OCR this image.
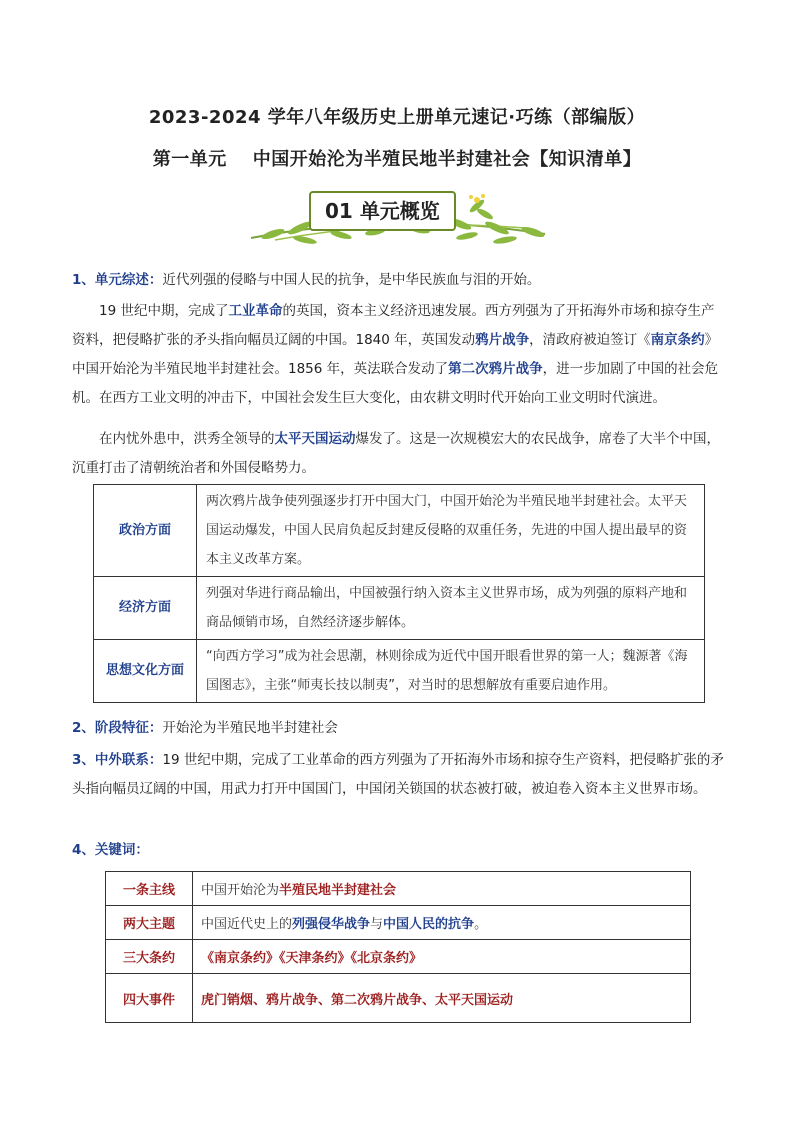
2023-2024 学年八年级历史上册单元速记·巧练（部编版）
第一单元 中国开始沦为半殖民地半封建社会【知识清单】
01 单元概览
1、单元综述：近代列强的侵略与中国人民的抗争，是中华民族血与泪的开始。
19 世纪中期，完成了工业革命的英国，资本主义经济迅速发展。西方列强为了开拓海外市场和掠夺生产资料，把侵略扩张的矛头指向幅员辽阔的中国。1840 年，英国发动鸦片战争，清政府被迫签订《南京条约》中国开始沦为半殖民地半封建社会。1856 年，英法联合发动了第二次鸦片战争，进一步加剧了中国的社会危机。在西方工业文明的冲击下，中国社会发生巨大变化，由农耕文明时代开始向工业文明时代演进。
在内忧外患中，洪秀全领导的太平天国运动爆发了。这是一次规模宏大的农民战争，席卷了大半个中国，沉重打击了清朝统治者和外国侵略势力。
政治方面	两次鸦片战争使列强逐步打开中国大门，中国开始沦为半殖民地半封建社会。太平天国运动爆发，中国人民肩负起反封建反侵略的双重任务，先进的中国人提出最早的资本主义改革方案。
经济方面	列强对华进行商品输出，中国被强行纳入资本主义世界市场，成为列强的原料产地和商品倾销市场，自然经济逐步解体。
思想文化方面	“向西方学习”成为社会思潮，林则徐成为近代中国开眼看世界的第一人；魏源著《海国图志》，主张“师夷长技以制夷”，对当时的思想解放有重要启迪作用。
2、阶段特征：开始沦为半殖民地半封建社会
3、中外联系：19 世纪中期，完成了工业革命的西方列强为了开拓海外市场和掠夺生产资料，把侵略扩张的矛头指向幅员辽阔的中国，用武力打开中国国门，中国闭关锁国的状态被打破，被迫卷入资本主义世界市场。
4、关键词：
一条主线	中国开始沦为半殖民地半封建社会
两大主题	中国近代史上的列强侵华战争与中国人民的抗争。
三大条约	《南京条约》《天津条约》《北京条约》
四大事件	虎门销烟、鸦片战争、第二次鸦片战争、太平天国运动
